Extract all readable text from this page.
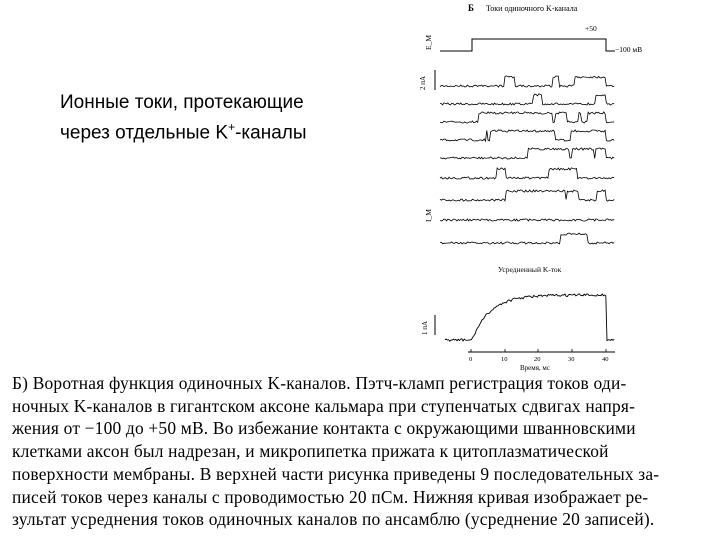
Ионные токи, протекающие
через отдельные K+-каналы
Б Токи одиночного K-канала
+50
−100 мВ
E_M
2 пА
I_M
Усредненный K-ток
1 пА
0	10	20	30	40
Время, мс
Б) Воротная функция одиночных K-каналов. Пэтч-кламп регистрация токов оди-
ночных K-каналов в гигантском аксоне кальмара при ступенчатых сдвигах напря-
жения от −100 до +50 мВ. Во избежание контакта с окружающими шванновскими
клетками аксон был надрезан, и микропипетка прижата к цитоплазматической
поверхности мембраны. В верхней части рисунка приведены 9 последовательных за-
писей токов через каналы с проводимостью 20 пСм. Нижняя кривая изображает ре-
зультат усреднения токов одиночных каналов по ансамблю (усреднение 20 записей).
